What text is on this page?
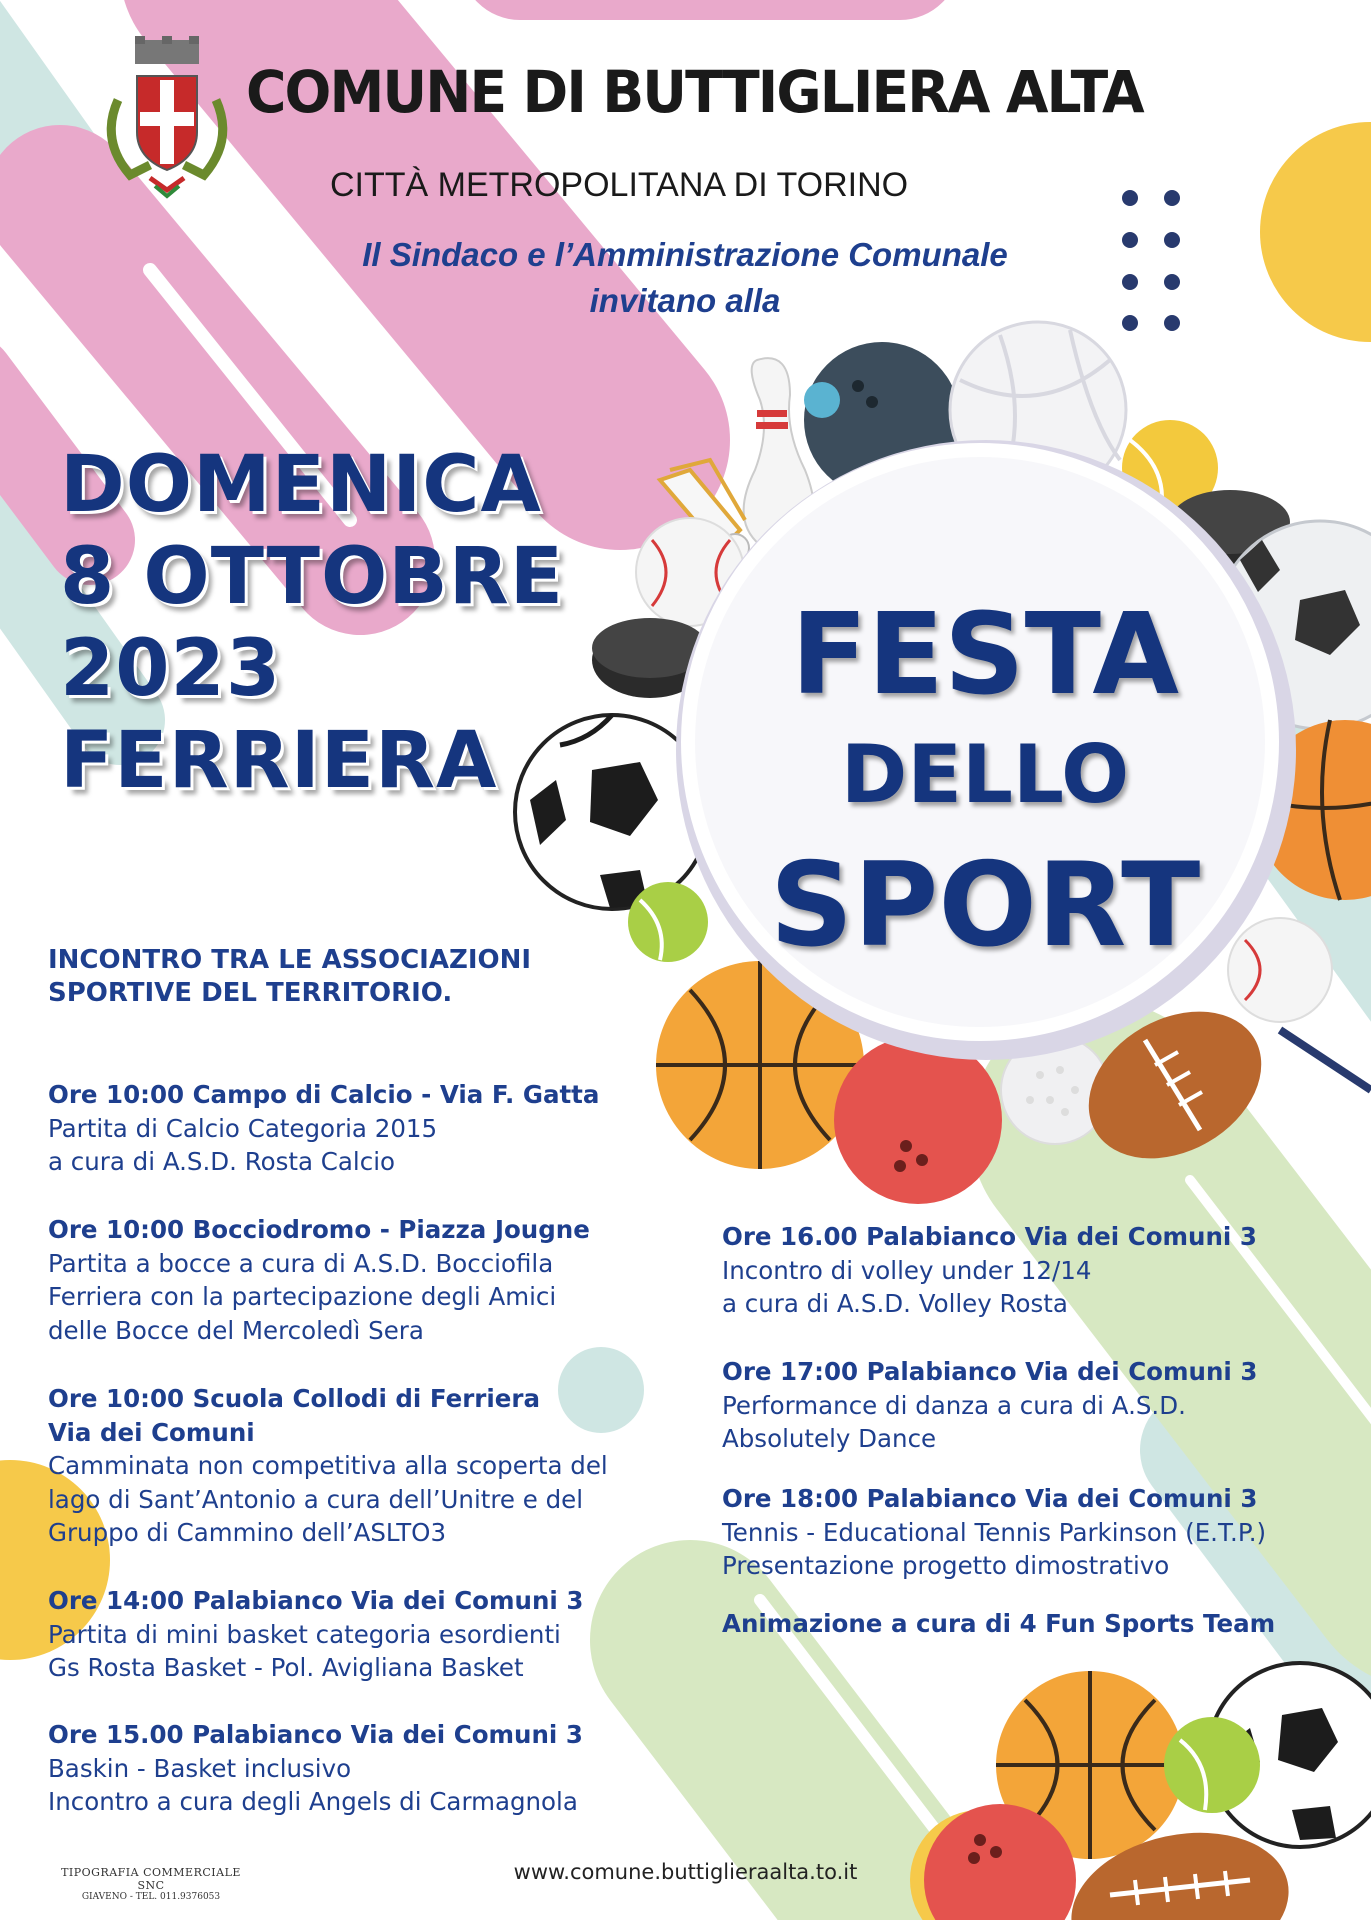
COMUNE DI BUTTIGLIERA ALTA
CITTÀ METROPOLITANA DI TORINO
Il Sindaco e l’Amministrazione Comunale
invitano alla
DOMENICA
8 OTTOBRE
2023
FERRIERA
FESTA
DELLO
SPORT
INCONTRO TRA LE ASSOCIAZIONI
SPORTIVE DEL TERRITORIO.
Ore 10:00 Campo di Calcio - Via F. Gatta
Partita di Calcio Categoria 2015
a cura di A.S.D. Rosta Calcio
Ore 10:00 Bocciodromo - Piazza Jougne
Partita a bocce a cura di A.S.D. Bocciofila
Ferriera con la partecipazione degli Amici
delle Bocce del Mercoledì Sera
Ore 10:00 Scuola Collodi di Ferriera
Via dei Comuni
Camminata non competitiva alla scoperta del
lago di Sant’Antonio a cura dell’Unitre e del
Gruppo di Cammino dell’ASLTO3
Ore 14:00 Palabianco Via dei Comuni 3
Partita di mini basket categoria esordienti
Gs Rosta Basket - Pol. Avigliana Basket
Ore 15.00 Palabianco Via dei Comuni 3
Baskin - Basket inclusivo
Incontro a cura degli Angels di Carmagnola
Ore 16.00 Palabianco Via dei Comuni 3
Incontro di volley under 12/14
a cura di A.S.D. Volley Rosta
Ore 17:00 Palabianco Via dei Comuni 3
Performance di danza a cura di A.S.D.
Absolutely Dance
Ore 18:00 Palabianco Via dei Comuni 3
Tennis - Educational Tennis Parkinson (E.T.P.)
Presentazione progetto dimostrativo
Animazione a cura di 4 Fun Sports Team
TIPOGRAFIA COMMERCIALE SNC
GIAVENO - TEL. 011.9376053
www.comune.buttiglieraalta.to.it
